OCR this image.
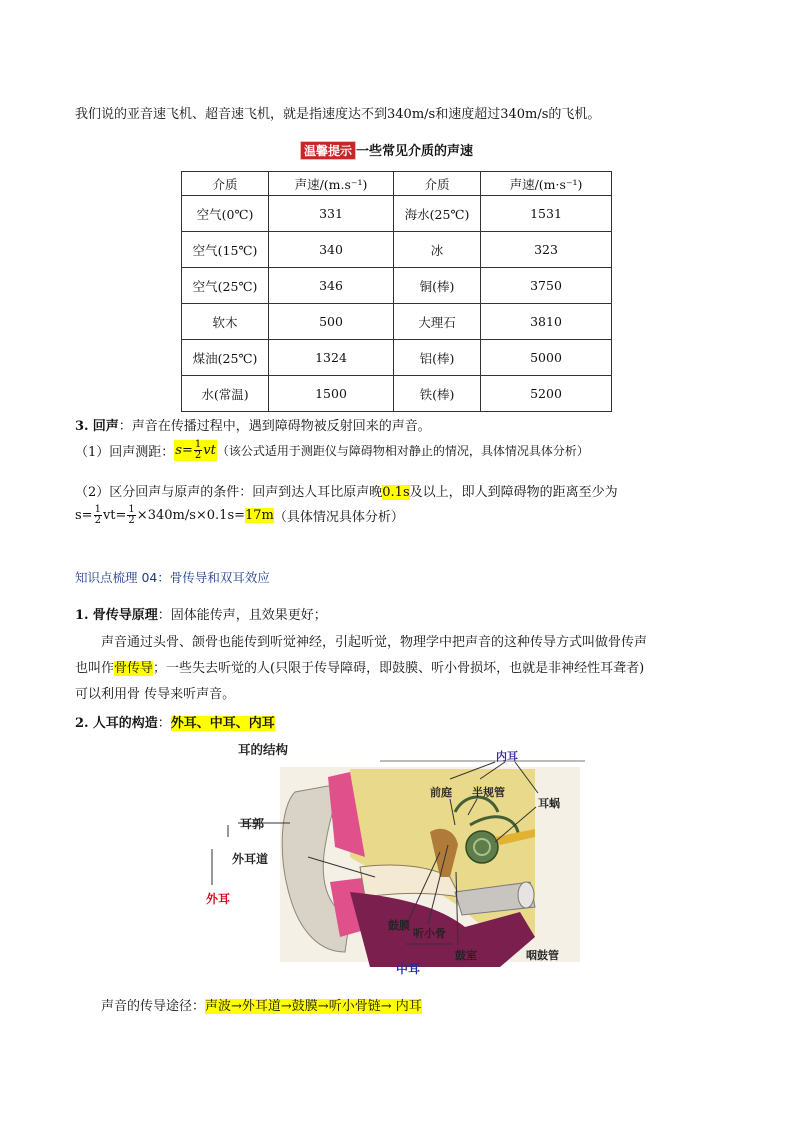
我们说的亚音速飞机、超音速飞机，就是指速度达不到340m/s和速度超过340m/s的飞机。
温馨提示 一些常见介质的声速
介质	声速/(m.s⁻¹)	介质	声速/(m·s⁻¹)
空气(0℃)	331	海水(25℃)	1531
空气(15℃)	340	冰	323
空气(25℃)	346	铜(棒)	3750
软木	500	大理石	3810
煤油(25℃)	1324	铝(棒)	5000
水(常温)	1500	铁(棒)	5200
3. 回声：声音在传播过程中，遇到障碍物被反射回来的声音。
（1）回声测距： $s= \frac{1}{2}$ vt （该公式适用于测距仪与障碍物相对静止的情况，具体情况具体分析）
（2）区分回声与原声的条件：回声到达人耳比原声晚0.1s及以上，即人到障碍物的距离至少为
$s= \frac{1}{2} vt= \frac{1}{2} \times 340m/s\times 0.1s= 17m$ （具体情况具体分析）
知识点梳理 04：骨传导和双耳效应
1. 骨传导原理：固体能传声，且效果更好；
声音通过头骨、颌骨也能传到听觉神经，引起听觉，物理学中把声音的这种传导方式叫做骨传声
也叫作骨传导；一些失去听觉的人(只限于传导障碍，即鼓膜、听小骨损坏，也就是非神经性耳聋者)
可以利用骨 传导来听声音。
2. 人耳的构造：外耳、中耳、内耳
耳的结构	内耳
前庭 半规管
耳蜗
耳郭
外耳道
外耳
鼓膜
听小骨
鼓室	咽鼓管
中耳
声音的传导途径：声波→外耳道→鼓膜→听小骨链→ 内耳
